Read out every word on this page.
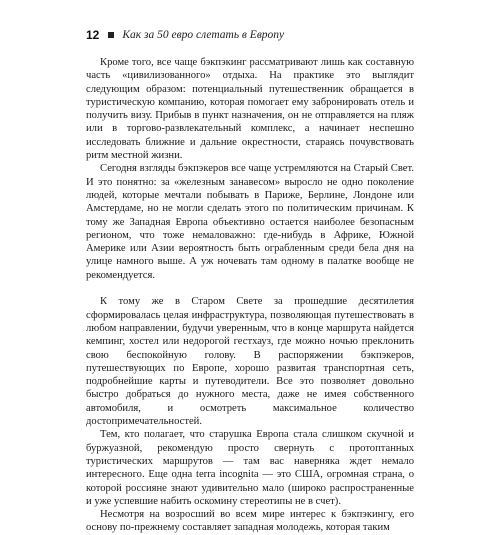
12 Как за 50 евро слетать в Европу

Кроме того, все чаще бэкпэкинг рассматривают лишь как составную часть «цивилизованного» отдыха. На практике это выглядит следующим образом: потенциальный путешественник обращается в туристическую компанию, которая помогает ему забронировать отель и получить визу. Прибыв в пункт назначения, он не отправляется на пляж или в торгово-развлекательный комплекс, а начинает неспешно исследовать ближние и дальние окрестности, стараясь почувствовать ритм местной жизни.

Сегодня взгляды бэкпэкеров все чаще устремляются на Старый Свет. И это понятно: за «железным занавесом» выросло не одно поколение людей, которые мечтали побывать в Париже, Берлине, Лондоне или Амстердаме, но не могли сделать этого по политическим причинам. К тому же Западная Европа объективно остается наиболее безопасным регионом, что тоже немаловажно: где-нибудь в Африке, Южной Америке или Азии вероятность быть ограбленным среди бела дня на улице намного выше. А уж ночевать там одному в палатке вообще не рекомендуется.

К тому же в Старом Свете за прошедшие десятилетия сформировалась целая инфраструктура, позволяющая путешествовать в любом направлении, будучи уверенным, что в конце маршрута найдется кемпинг, хостел или недорогой гестхауз, где можно ночью преклонить свою беспокойную голову. В распоряжении бэкпэкеров, путешествующих по Европе, хорошо развитая транспортная сеть, подробнейшие карты и путеводители. Все это позволяет довольно быстро добраться до нужного места, даже не имея собственного автомобиля, и осмотреть максимальное количество достопримечательностей.

Тем, кто полагает, что старушка Европа стала слишком скучной и буржуазной, рекомендую просто свернуть с протоптанных туристических маршрутов — там вас наверняка ждет немало интересного. Еще одна terra incognita — это США, огромная страна, о которой россияне знают удивительно мало (широко распространенные и уже успевшие набить оскомину стереотипы не в счет).

Несмотря на возросший во всем мире интерес к бэкпэкингу, его основу по-прежнему составляет западная молодежь, которая таким
